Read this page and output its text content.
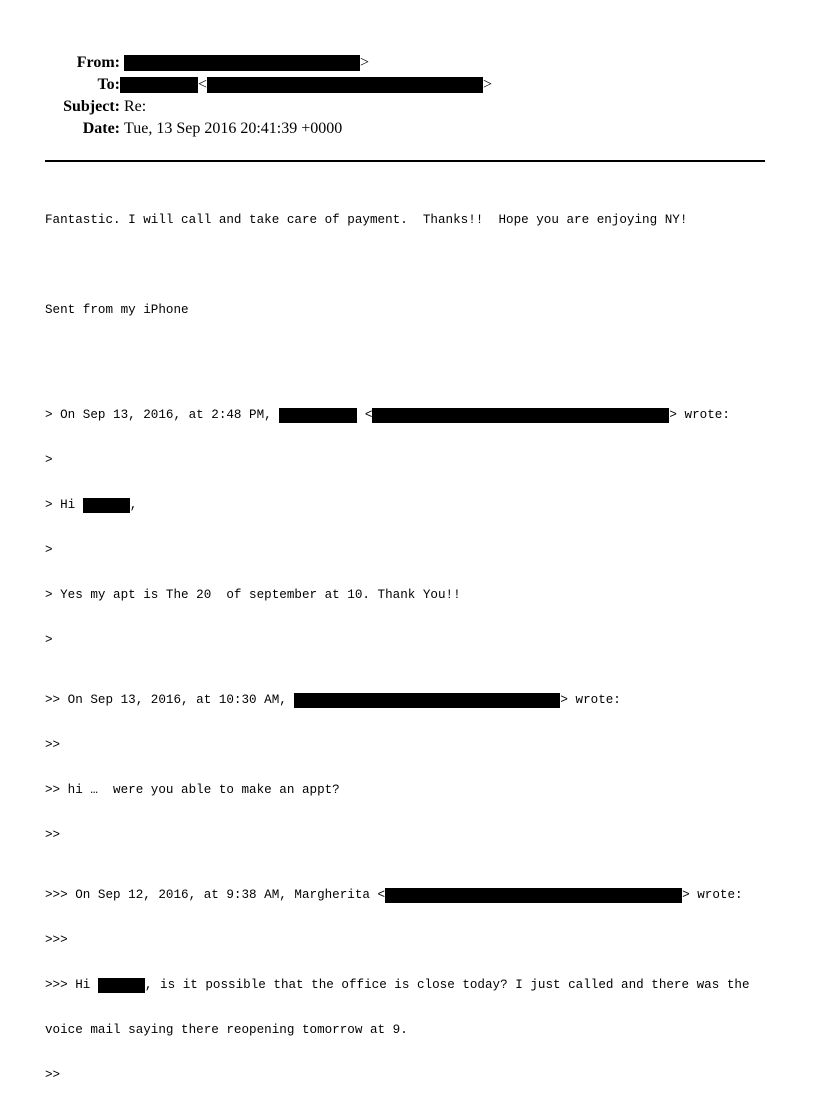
From:	>
To:	<	>
Subject: Re:
Date: Tue, 13 Sep 2016 20:41:39 +0000

Fantastic. I will call and take care of payment.  Thanks!!  Hope you are enjoying NY!

Sent from my iPhone

> On Sep 13, 2016, at 2:48 PM,	<	> wrote:

>

> Hi	,

>

> Yes my apt is The 20  of september at 10. Thank You!!

>

>> On Sep 13, 2016, at 10:30 AM,	> wrote:

>>

>> hi …  were you able to make an appt?

>>

>>> On Sep 12, 2016, at 9:38 AM, Margherita <	> wrote:

>>>

>>> Hi	, is it possible that the office is close today? I just called and there was the

voice mail saying there reopening tomorrow at 9.

>>
